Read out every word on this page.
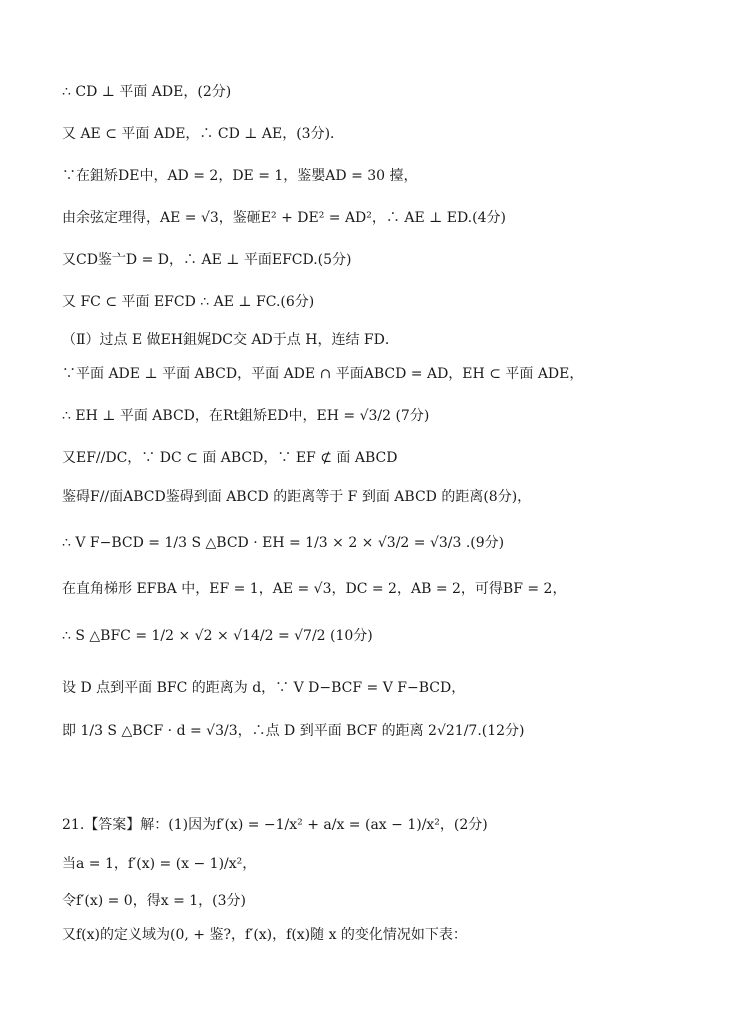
∴ CD ⊥ 平面 ADE，(2分)
又 AE ⊂ 平面 ADE，∴ CD ⊥ AE，(3分)．
∵在鉏矫DE中，AD = 2，DE = 1，鉴嬰AD = 30 擡，
由余弦定理得，AE = √3，鉴砸E² + DE² = AD²，∴ AE ⊥ ED.(4分)
又CD鉴亠D = D，∴ AE ⊥ 平面EFCD.(5分)
又 FC ⊂ 平面 EFCD ∴ AE ⊥ FC.(6分)
（Ⅱ）过点 E 做EH鉏娓DC交 AD于点 H，连结 FD．
∵平面 ADE ⊥ 平面 ABCD，平面 ADE ∩ 平面ABCD = AD，EH ⊂ 平面 ADE，
∴ EH ⊥ 平面 ABCD，在Rt鉏矫ED中，EH = √3/2 (7分)
又EF//DC，∵ DC ⊂ 面 ABCD，∵ EF ⊄ 面 ABCD
鉴碍F//面ABCD鉴碍到面 ABCD 的距离等于 F 到面 ABCD 的距离(8分)，
∴ V F−BCD = 1/3 S △BCD · EH = 1/3 × 2 × √3/2 = √3/3 .(9分)
在直角梯形 EFBA 中，EF = 1，AE = √3，DC = 2，AB = 2，可得BF = 2，
∴ S △BFC = 1/2 × √2 × √14/2 = √7/2 (10分)
设 D 点到平面 BFC 的距离为 d，∵ V D−BCF = V F−BCD，
即 1/3 S △BCF · d = √3/3，∴点 D 到平面 BCF 的距离 2√21/7.(12分)
21.【答案】解：(1)因为f′(x) = −1/x² + a/x = (ax − 1)/x²，(2分)
当a = 1，f′(x) = (x − 1)/x²，
令f′(x) = 0，得x = 1，(3分)
又f(x)的定义域为(0, + 鉴?，f′(x)，f(x)随 x 的变化情况如下表：
